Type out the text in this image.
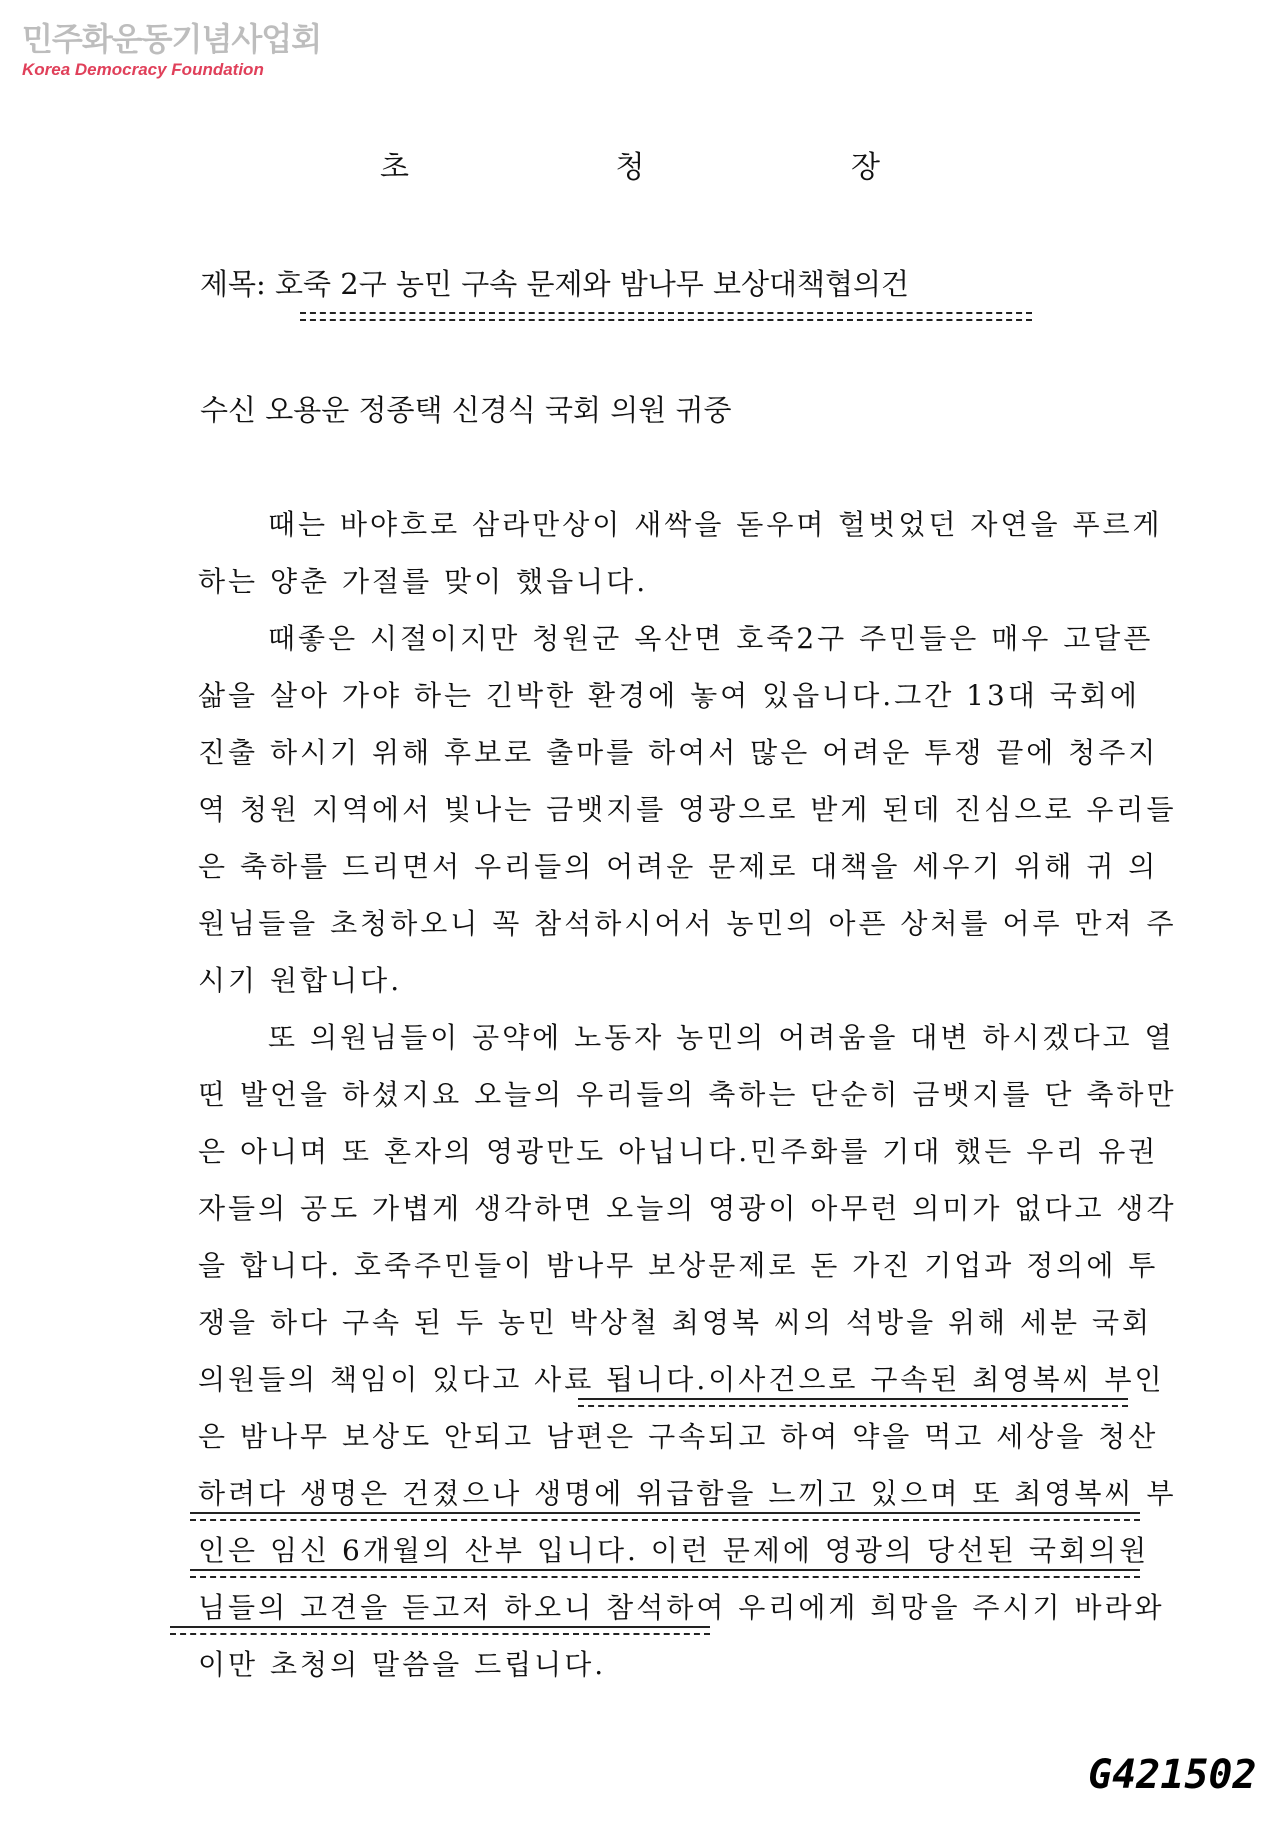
민주화운동기념사업회
Korea Democracy Foundation
초	청	장
제목: 호죽 2구 농민 구속 문제와 밤나무 보상대책협의건
수신 오용운 정종택 신경식 국회 의원 귀중

때는 바야흐로 삼라만상이 새싹을 돋우며 헐벗었던 자연을 푸르게 하는 양춘 가절를 맞이 했읍니다.

때좋은 시절이지만 청원군 옥산면 호죽2구 주민들은 매우 고달픈 삶을 살아 가야 하는 긴박한 환경에 놓여 있읍니다.그간 13대 국회에 진출 하시기 위해 후보로 출마를 하여서 많은 어려운 투쟁 끝에 청주지역 청원 지역에서 빛나는 금뱃지를 영광으로 받게 된데 진심으로 우리들은 축하를 드리면서 우리들의 어려운 문제로 대책을 세우기 위해 귀 의원님들을 초청하오니 꼭 참석하시어서 농민의 아픈 상처를 어루 만져 주시기 원합니다.

또 의원님들이 공약에 노동자 농민의 어려움을 대변 하시겠다고 열띤 발언을 하셨지요 오늘의 우리들의 축하는 단순히 금뱃지를 단 축하만은 아니며 또 혼자의 영광만도 아닙니다.민주화를 기대 했든 우리 유권자들의 공도 가볍게 생각하면 오늘의 영광이 아무런 의미가 없다고 생각을 합니다. 호죽주민들이 밤나무 보상문제로 돈 가진 기업과 정의에 투쟁을 하다 구속 된 두 농민 박상철 최영복 씨의 석방을 위해 세분 국회 의원들의 책임이 있다고 사료 됩니다.이사건으로 구속된 최영복씨 부인은 밤나무 보상도 안되고 남편은 구속되고 하여 약을 먹고 세상을 청산 하려다 생명은 건졌으나 생명에 위급함을 느끼고 있으며 또 최영복씨 부인은 임신 6개월의 산부 입니다. 이런 문제에 영광의 당선된 국회의원 님들의 고견을 듣고저 하오니 참석하여 우리에게 희망을 주시기 바라와 이만 초청의 말씀을 드립니다.

G421502
